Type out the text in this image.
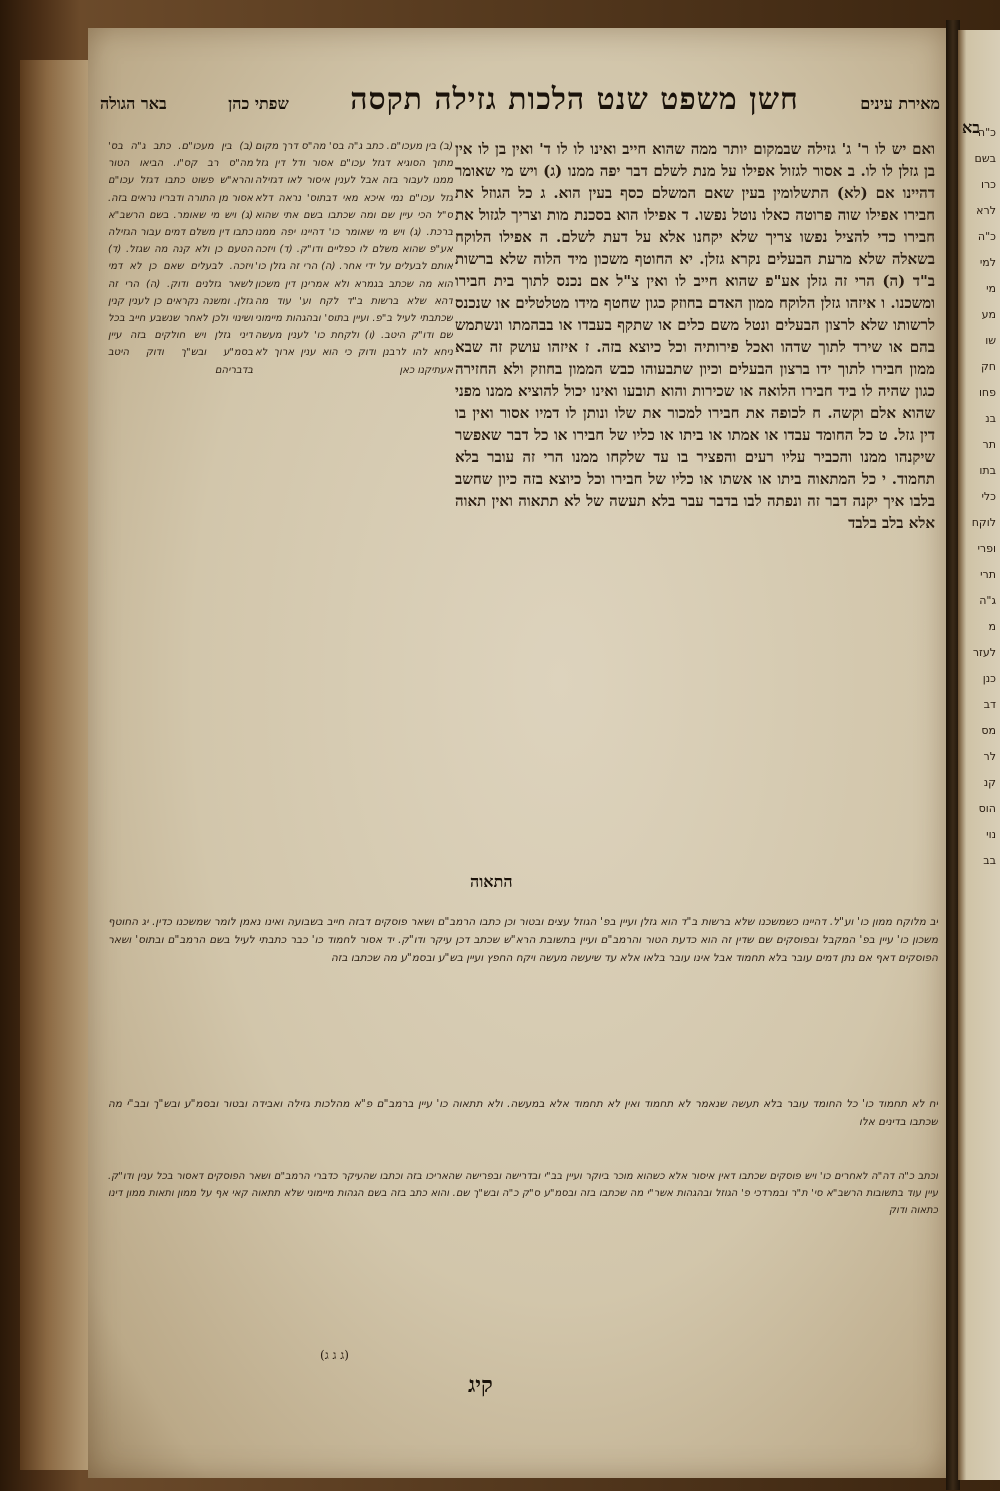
בא
כ"ה
בשם
כרו
לרא
כ"ה
למי
מי
מע
שו
חק
פחו
בנ
תר
בתו
כלי
לוקח
ופרי
תרי
ג"ה
מ
לעזר
כנן
דב
מס
לר
קנ
הוס
נוי
בב
מאירת עינים
חשן משפט שנט הלכות גזילה תקסה
שפתי כהן
באר הגולה

ואם יש לו ר' ג' גזילה שבמקום יותר ממה שהוא חייב ואינו לו לו ד' ואין בן לו אין בן גזלן לו לו. ב אסור לגזול אפילו על מנת לשלם דבר יפה ממנו (ג) ויש מי שאומר דהיינו אם (לא) התשלומין בעין שאם המשלם כסף בעין הוא. ג כל הגוזל את חבירו אפילו שוה פרוטה כאלו נוטל נפשו. ד אפילו הוא בסכנת מות וצריך לגזול את חבירו כדי להציל נפשו צריך שלא יקחנו אלא על דעת לשלם. ה אפילו הלוקח בשאלה שלא מרעת הבעלים נקרא גזלן. יא החוטף משכון מיד הלוה שלא ברשות ב"ד (ה) הרי זה גזלן אע"פ שהוא חייב לו ואין צ"ל אם נכנס לתוך בית חבירו ומשכנו. ו איזהו גזלן הלוקח ממון האדם בחוזק כגון שחטף מידו מטלטלים או שנכנס לרשותו שלא לרצון הבעלים ונטל משם כלים או שתקף בעבדו או בבהמתו ונשתמש בהם או שירד לתוך שדהו ואכל פירותיה וכל כיוצא בזה. ז איזהו עושק זה שבא ממון חבירו לתוך ידו ברצון הבעלים וכיון שתבעוהו כבש הממון בחוזק ולא החזירה כגון שהיה לו ביד חבירו הלואה או שכירות והוא תובעו ואינו יכול להוציא ממנו מפני שהוא אלם וקשה. ח לכופה את חבירו למכור את שלו ונותן לו דמיו אסור ואין בו דין גזל. ט כל החומד עבדו או אמתו או ביתו או כליו של חבירו או כל דבר שאפשר שיקנהו ממנו והכביר עליו רעים והפציר בו עד שלקחו ממנו הרי זה עובר בלא תחמוד. י כל המתאוה ביתו או אשתו או כליו של חבירו וכל כיוצא בזה כיון שחשב בלבו איך יקנה דבר זה ונפתה לבו בדבר עבר בלא תעשה של לא תתאוה ואין תאוה אלא בלב בלבד

(ב) בין מעכו"ם. כתב ג"ה בס' מה"ס דרך מקום מתוך הסוגיא דגזל עכו"ם אסור ודל דין גזל ממנו לעבור בזה אבל לענין איסור לאו דגזילה גזל עכו"ם נמי איכא מאי דבתוס' נראה דלא ס"ל הכי עיין שם ומה שכתבו בשם אתי שהוא ברכת. (ג) ויש מי שאומר כו' דהיינו יפה ממנו אע"פ שהוא משלם לו כפליים ודו"ק. (ד) ויזכה אותם לבעלים על ידי אחר. (ה) הרי זה גזלן כו' הוא מה שכתב בגמרא ולא אמרינן דין משכון דהא שלא ברשות ב"ד לקח וע' עוד מה שכתבתי לעיל ב"פ. ועיין בתוס' ובהגהות מיימוני שם ודו"ק היטב. (ו) ולקחת כו' לענין מעשה ניחא להו לרבנן ודוק כי הוא ענין ארוך לא אעתיקנו כאן

(ב) בין מעכו"ם. כתב ג"ה בס' מה"ס רב קס"ו. הביאו הטור והרא"ש פשוט כתבו דגזל עכו"ם אסור מן התורה ודבריו נראים בזה. (ג) ויש מי שאומר. בשם הרשב"א כתבו דין משלם דמים עבור הגזילה הטעם כן ולא קנה מה שגזל. (ד) ויזכה. לבעלים שאם כן לא דמי לשאר גזלנים ודוק. (ה) הרי זה גזלן. ומשנה נקראים כן לענין קנין ושינוי ולכן לאחר שנשבע חייב בכל דיני גזלן ויש חולקים בזה עיין בסמ"ע ובש"ך ודוק היטב בדבריהם

התאוה

יב מלוקח ממון כו' וע"ל. דהיינו כשמשכנו שלא ברשות ב"ד הוא גזלן ועיין בפ' הגוזל עצים ובטור וכן כתבו הרמב"ם ושאר פוסקים דבזה חייב בשבועה ואינו נאמן לומר שמשכנו כדין. יג החוטף משכון כו' עיין בפ' המקבל ובפוסקים שם שדין זה הוא כדעת הטור והרמב"ם ועיין בתשובת הרא"ש שכתב דכן עיקר ודו"ק. יד אסור לחמוד כו' כבר כתבתי לעיל בשם הרמב"ם ובתוס' ושאר הפוסקים דאף אם נתן דמים עובר בלא תחמוד אבל אינו עובר בלאו אלא עד שיעשה מעשה ויקח החפץ ועיין בש"ע ובסמ"ע מה שכתבו בזה

יח לא תחמוד כו' כל החומד עובר בלא תעשה שנאמר לא תחמוד ואין לא תחמוד אלא במעשה. ולא תתאוה כו' עיין ברמב"ם פ"א מהלכות גזילה ואבידה ובטור ובסמ"ע ובש"ך ובב"י מה שכתבו בדינים אלו

וכתב כ"ה דה"ה לאחרים כו' ויש פוסקים שכתבו דאין איסור אלא כשהוא מוכר ביוקר ועיין בב"י ובדרישה ובפרישה שהאריכו בזה וכתבו שהעיקר כדברי הרמב"ם ושאר הפוסקים דאסור בכל ענין ודו"ק. עיין עוד בתשובות הרשב"א סי' ת"ר ובמרדכי פ' הגוזל ובהגהות אשר"י מה שכתבו בזה ובסמ"ע ס"ק כ"ה ובש"ך שם. והוא כתב בזה בשם הגהות מיימוני שלא תתאוה קאי אף על ממון ותאות ממון דינו כתאוה ודוק

(ג ג ג)
קיג
